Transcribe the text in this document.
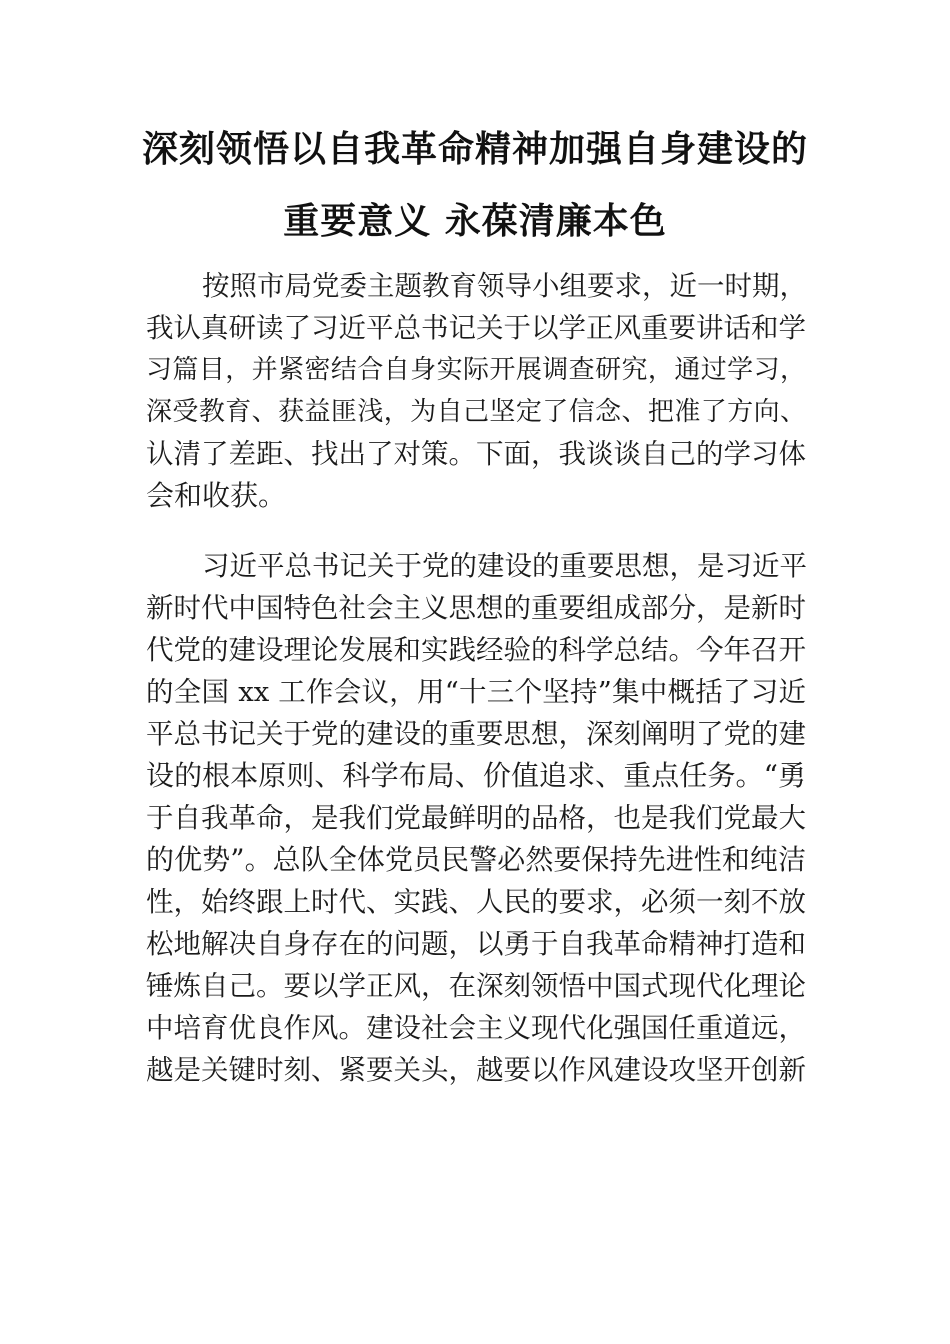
深刻领悟以自我革命精神加强自身建设的
重要意义 永葆清廉本色
按照市局党委主题教育领导小组要求，近一时期，
我认真研读了习近平总书记关于以学正风重要讲话和学
习篇目，并紧密结合自身实际开展调查研究，通过学习，
深受教育、获益匪浅，为自己坚定了信念、把准了方向、
认清了差距、找出了对策。下面，我谈谈自己的学习体
会和收获。
习近平总书记关于党的建设的重要思想，是习近平
新时代中国特色社会主义思想的重要组成部分，是新时
代党的建设理论发展和实践经验的科学总结。今年召开
的全国 xx 工作会议，用“十三个坚持”集中概括了习近
平总书记关于党的建设的重要思想，深刻阐明了党的建
设的根本原则、科学布局、价值追求、重点任务。“勇
于自我革命，是我们党最鲜明的品格，也是我们党最大
的优势”。总队全体党员民警必然要保持先进性和纯洁
性，始终跟上时代、实践、人民的要求，必须一刻不放
松地解决自身存在的问题，以勇于自我革命精神打造和
锤炼自己。要以学正风，在深刻领悟中国式现代化理论
中培育优良作风。建设社会主义现代化强国任重道远，
越是关键时刻、紧要关头，越要以作风建设攻坚开创新
